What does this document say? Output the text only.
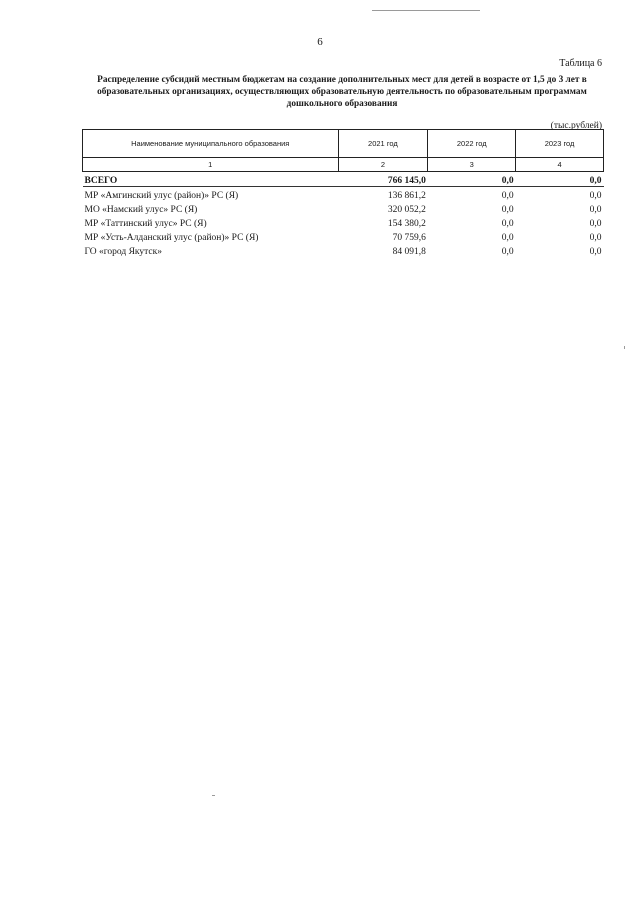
6
Таблица 6
Распределение субсидий местным бюджетам на создание дополнительных мест для детей в возрасте от 1,5 до 3 лет в образовательных организациях, осуществляющих образовательную деятельность по образовательным программам дошкольного образования
(тыс.рублей)
Наименование муниципального образования	2021 год	2022 год	2023 год
1	2	3	4
ВСЕГО	766 145,0	0,0	0,0
МР «Амгинский улус (район)» РС (Я)	136 861,2	0,0	0,0
МО «Намский улус» РС (Я)	320 052,2	0,0	0,0
МР «Таттинский улус» РС (Я)	154 380,2	0,0	0,0
МР «Усть-Алданский улус (район)» РС (Я)	70 759,6	0,0	0,0
ГО «город Якутск»	84 091,8	0,0	0,0
